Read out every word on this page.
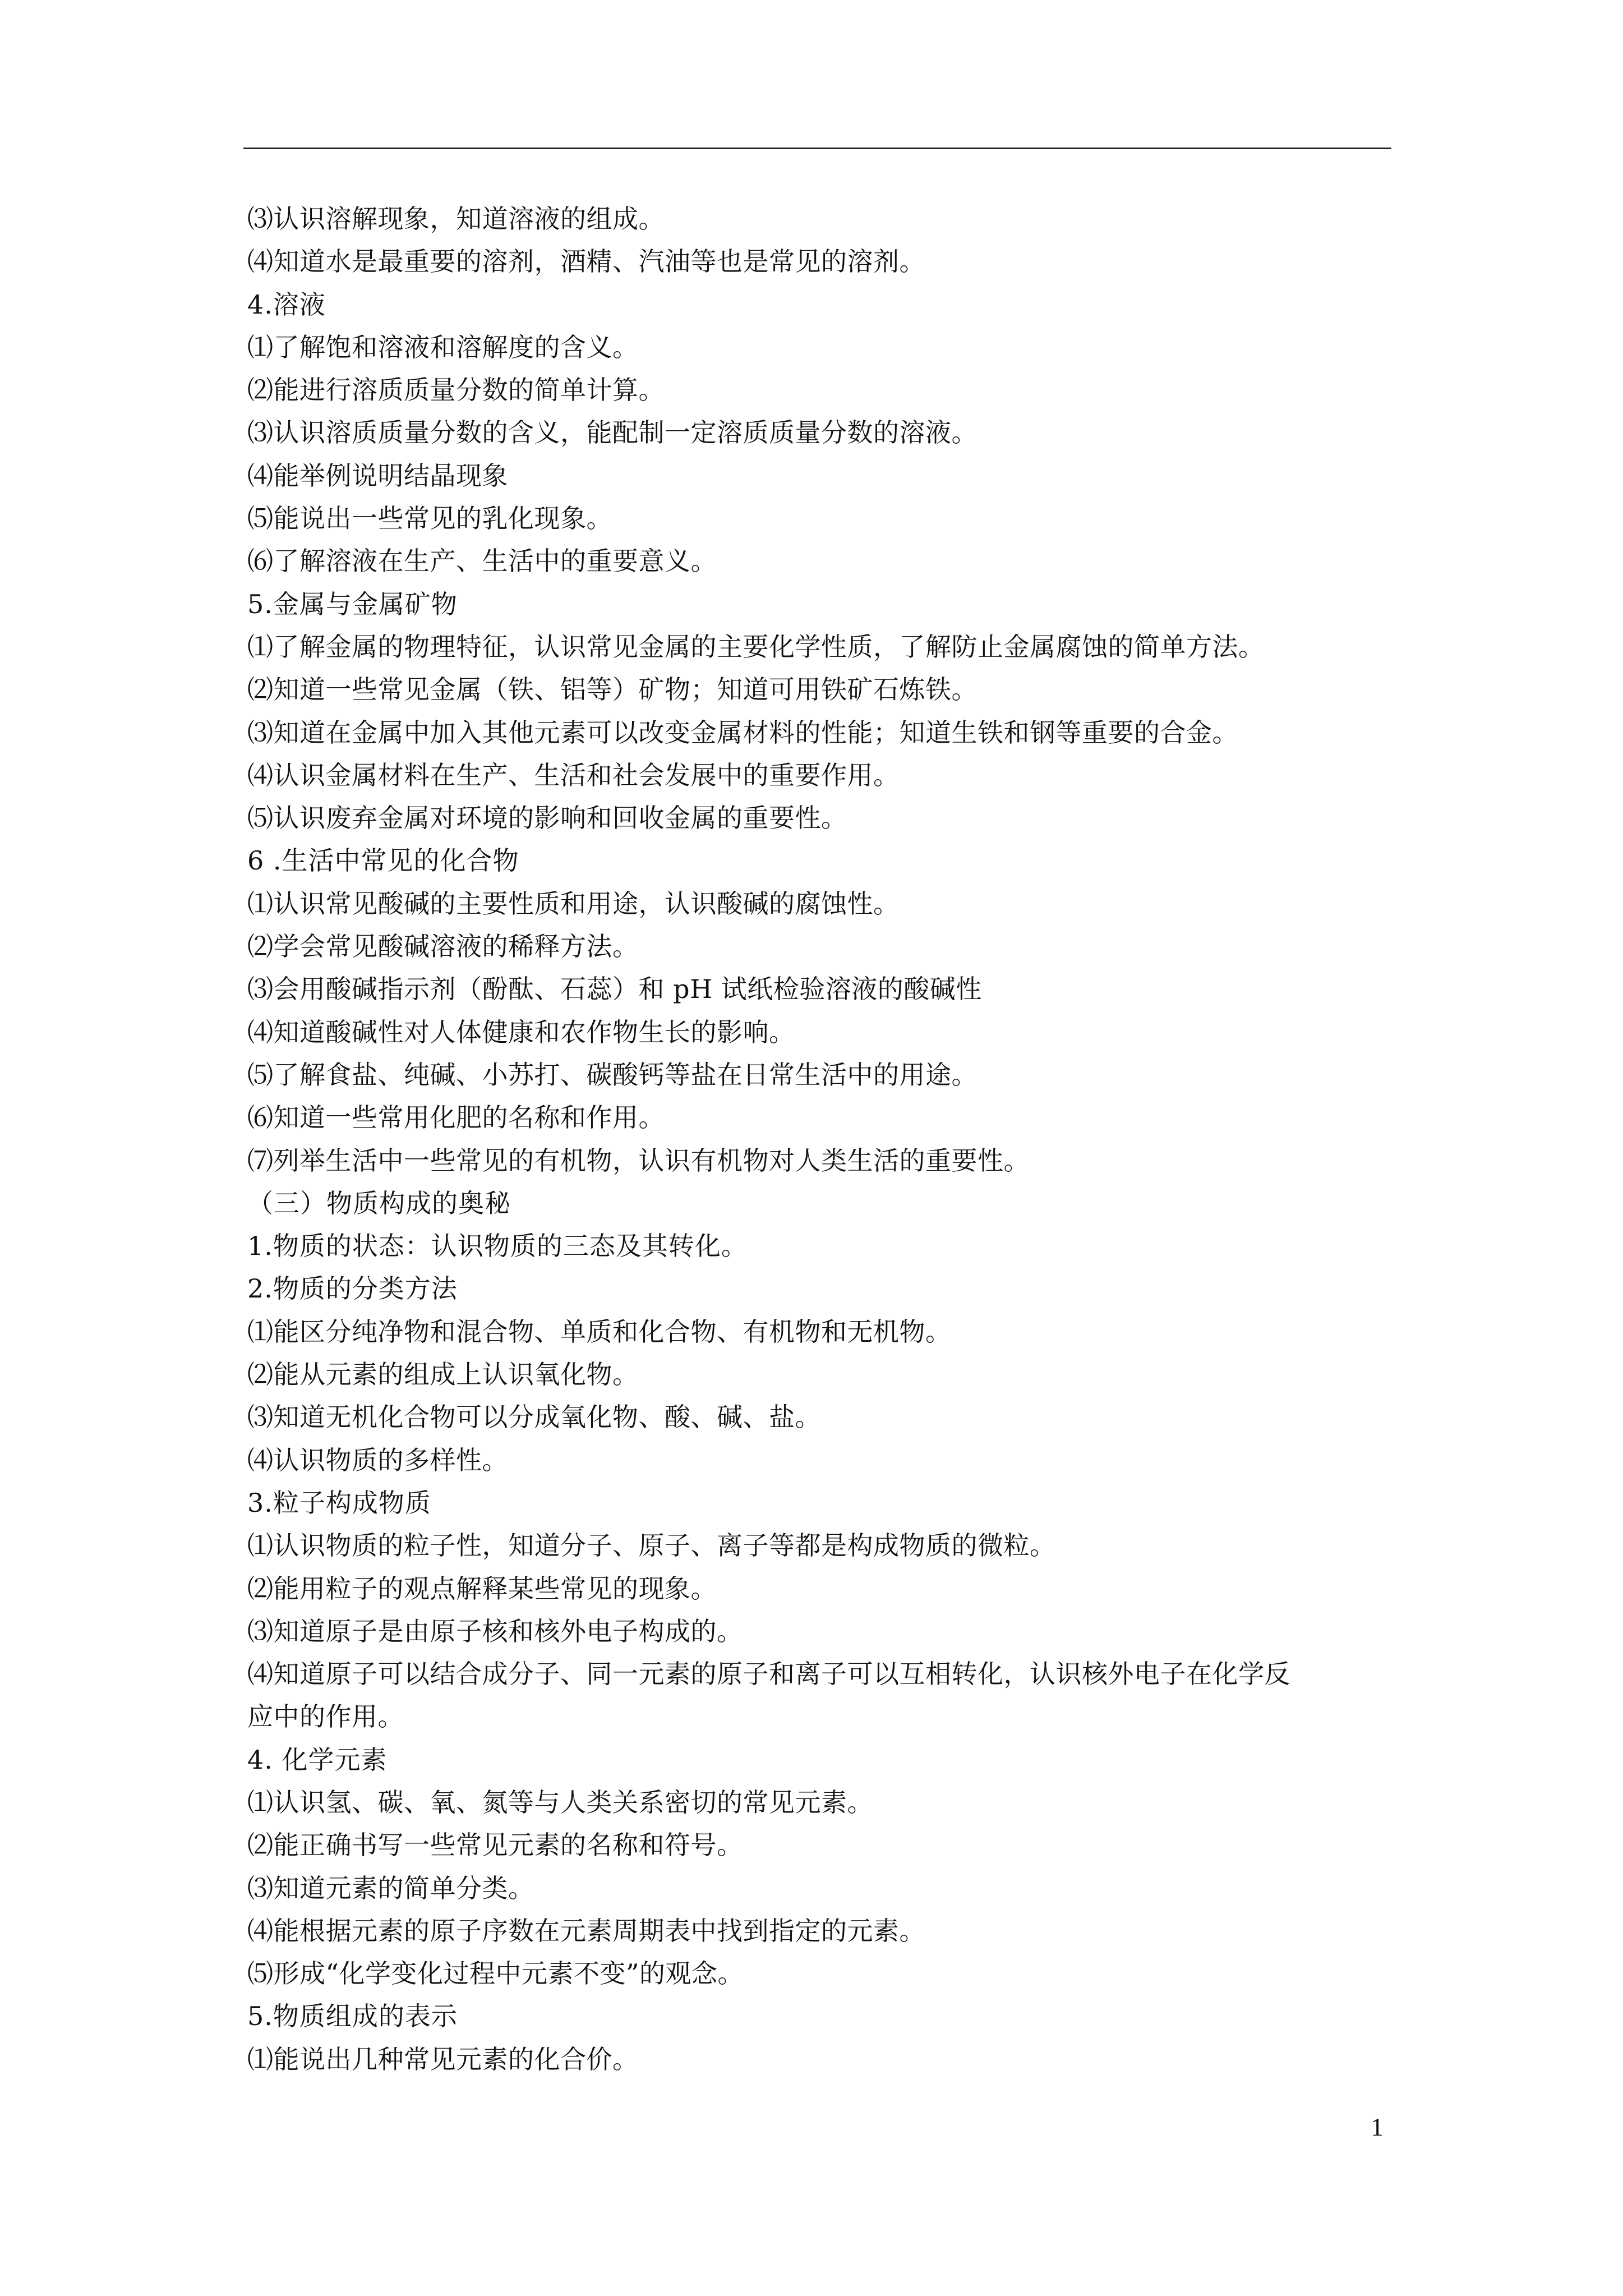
⑶认识溶解现象，知道溶液的组成。
⑷知道水是最重要的溶剂，酒精、汽油等也是常见的溶剂。
4.溶液
⑴了解饱和溶液和溶解度的含义。
⑵能进行溶质质量分数的简单计算。
⑶认识溶质质量分数的含义，能配制一定溶质质量分数的溶液。
⑷能举例说明结晶现象
⑸能说出一些常见的乳化现象。
⑹了解溶液在生产、生活中的重要意义。
5.金属与金属矿物
⑴了解金属的物理特征，认识常见金属的主要化学性质，了解防止金属腐蚀的简单方法。
⑵知道一些常见金属（铁、铝等）矿物；知道可用铁矿石炼铁。
⑶知道在金属中加入其他元素可以改变金属材料的性能；知道生铁和钢等重要的合金。
⑷认识金属材料在生产、生活和社会发展中的重要作用。
⑸认识废弃金属对环境的影响和回收金属的重要性。
6 .生活中常见的化合物
⑴认识常见酸碱的主要性质和用途，认识酸碱的腐蚀性。
⑵学会常见酸碱溶液的稀释方法。
⑶会用酸碱指示剂（酚酞、石蕊）和 pH 试纸检验溶液的酸碱性
⑷知道酸碱性对人体健康和农作物生长的影响。
⑸了解食盐、纯碱、小苏打、碳酸钙等盐在日常生活中的用途。
⑹知道一些常用化肥的名称和作用。
⑺列举生活中一些常见的有机物，认识有机物对人类生活的重要性。
（三）物质构成的奥秘
1.物质的状态：认识物质的三态及其转化。
2.物质的分类方法
⑴能区分纯净物和混合物、单质和化合物、有机物和无机物。
⑵能从元素的组成上认识氧化物。
⑶知道无机化合物可以分成氧化物、酸、碱、盐。
⑷认识物质的多样性。
3.粒子构成物质
⑴认识物质的粒子性，知道分子、原子、离子等都是构成物质的微粒。
⑵能用粒子的观点解释某些常见的现象。
⑶知道原子是由原子核和核外电子构成的。
⑷知道原子可以结合成分子、同一元素的原子和离子可以互相转化，认识核外电子在化学反
应中的作用。
4. 化学元素
⑴认识氢、碳、氧、氮等与人类关系密切的常见元素。
⑵能正确书写一些常见元素的名称和符号。
⑶知道元素的简单分类。
⑷能根据元素的原子序数在元素周期表中找到指定的元素。
⑸形成“化学变化过程中元素不变”的观念。
5.物质组成的表示
⑴能说出几种常见元素的化合价。
1
